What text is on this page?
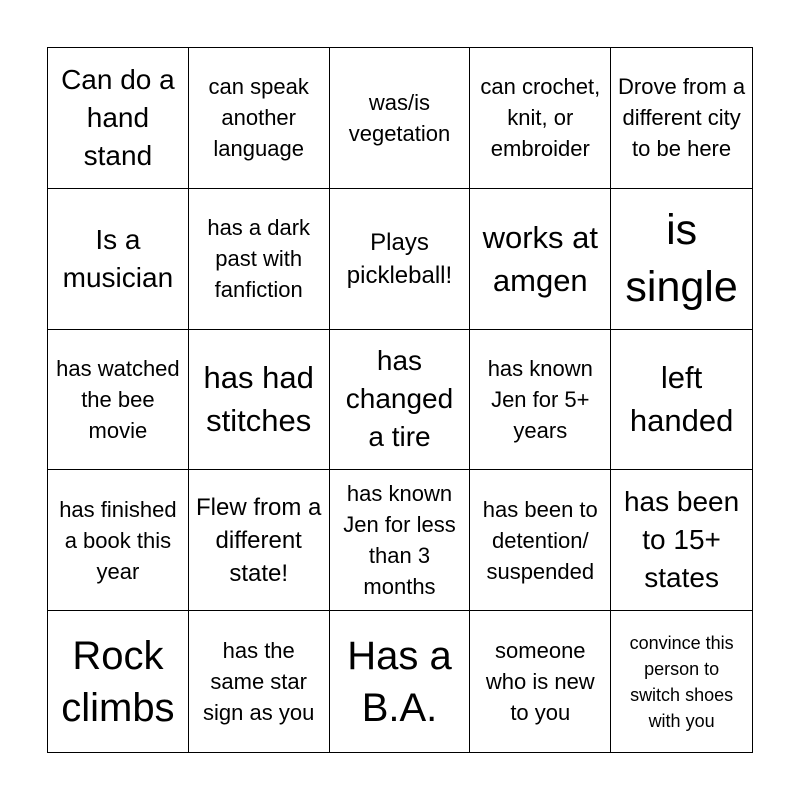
Can do a hand stand
can speak another language
was/is vegetation
can crochet, knit, or embroider
Drove from a different city to be here
Is a musician
has a dark past with fanfiction
Plays pickleball!
works at amgen
is single
has watched the bee movie
has had stitches
has changed a tire
has known Jen for 5+ years
left handed
has finished a book this year
Flew from a different state!
has known Jen for less than 3 months
has been to detention/ suspended
has been to 15+ states
Rock climbs
has the same star sign as you
Has a B.A.
someone who is new to you
convince this person to switch shoes with you
